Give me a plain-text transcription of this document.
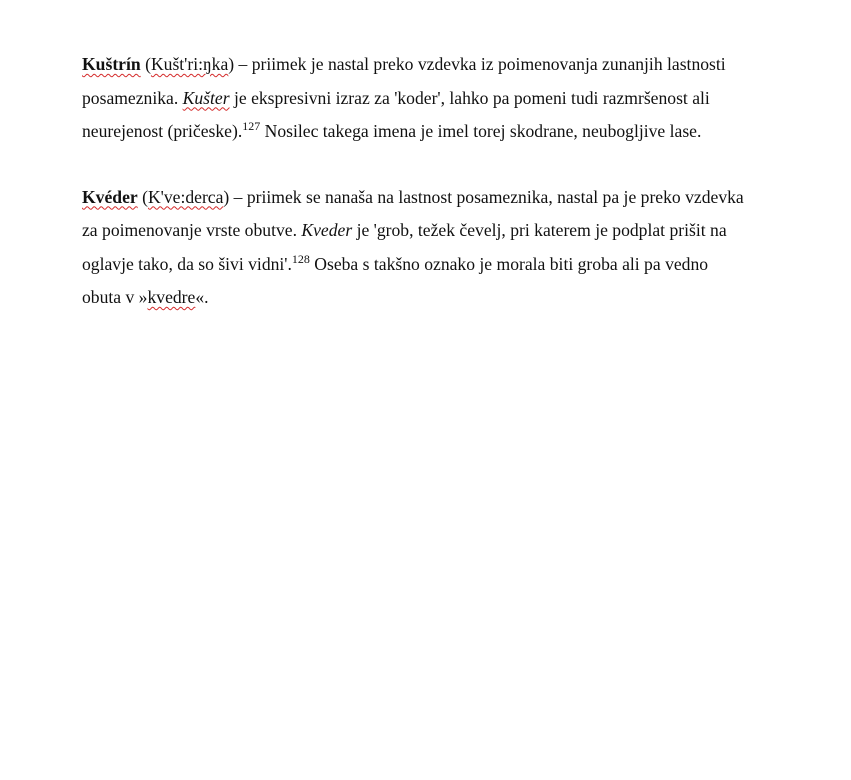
Kuštrín (Kušt'ri:ŋka) – priimek je nastal preko vzdevka iz poimenovanja zunanjih lastnosti
posameznika. Kušter je ekspresivni izraz za 'koder', lahko pa pomeni tudi razmršenost ali
neurejenost (pričeske).$^{127}$ Nosilec takega imena je imel torej skodrane, neubogljive lase.

Kvéder (K've:derca) – priimek se nanaša na lastnost posameznika, nastal pa je preko vzdevka
za poimenovanje vrste obutve. Kveder je 'grob, težek čevelj, pri katerem je podplat prišit na
oglavje tako, da so šivi vidni'.$^{128}$ Oseba s takšno oznako je morala biti groba ali pa vedno
obuta v »kvedre«.
